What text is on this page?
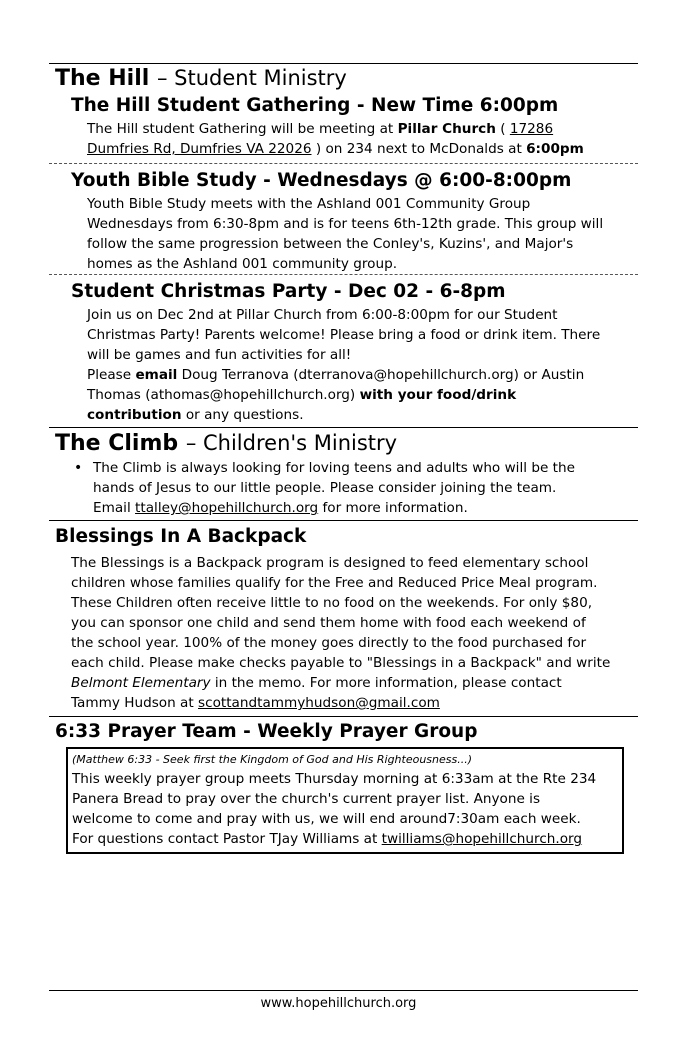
The Hill – Student Ministry
The Hill Student Gathering - New Time 6:00pm
The Hill student Gathering will be meeting at Pillar Church ( 17286
Dumfries Rd, Dumfries VA 22026 ) on 234 next to McDonalds at 6:00pm
Youth Bible Study - Wednesdays @ 6:00-8:00pm
Youth Bible Study meets with the Ashland 001 Community Group
Wednesdays from 6:30-8pm and is for teens 6th-12th grade. This group will
follow the same progression between the Conley's, Kuzins', and Major's
homes as the Ashland 001 community group.
Student Christmas Party - Dec 02 - 6-8pm
Join us on Dec 2nd at Pillar Church from 6:00-8:00pm for our Student
Christmas Party! Parents welcome! Please bring a food or drink item. There
will be games and fun activities for all!
Please email Doug Terranova (dterranova@hopehillchurch.org) or Austin
Thomas (athomas@hopehillchurch.org) with your food/drink
contribution or any questions.
The Climb – Children's Ministry
• The Climb is always looking for loving teens and adults who will be the
hands of Jesus to our little people. Please consider joining the team.
Email ttalley@hopehillchurch.org for more information.
Blessings In A Backpack
The Blessings is a Backpack program is designed to feed elementary school
children whose families qualify for the Free and Reduced Price Meal program.
These Children often receive little to no food on the weekends. For only $80,
you can sponsor one child and send them home with food each weekend of
the school year. 100% of the money goes directly to the food purchased for
each child. Please make checks payable to "Blessings in a Backpack" and write
Belmont Elementary in the memo. For more information, please contact
Tammy Hudson at scottandtammyhudson@gmail.com
6:33 Prayer Team - Weekly Prayer Group
(Matthew 6:33 - Seek first the Kingdom of God and His Righteousness...)
This weekly prayer group meets Thursday morning at 6:33am at the Rte 234
Panera Bread to pray over the church's current prayer list. Anyone is
welcome to come and pray with us, we will end around7:30am each week.
For questions contact Pastor TJay Williams at twilliams@hopehillchurch.org
www.hopehillchurch.org
